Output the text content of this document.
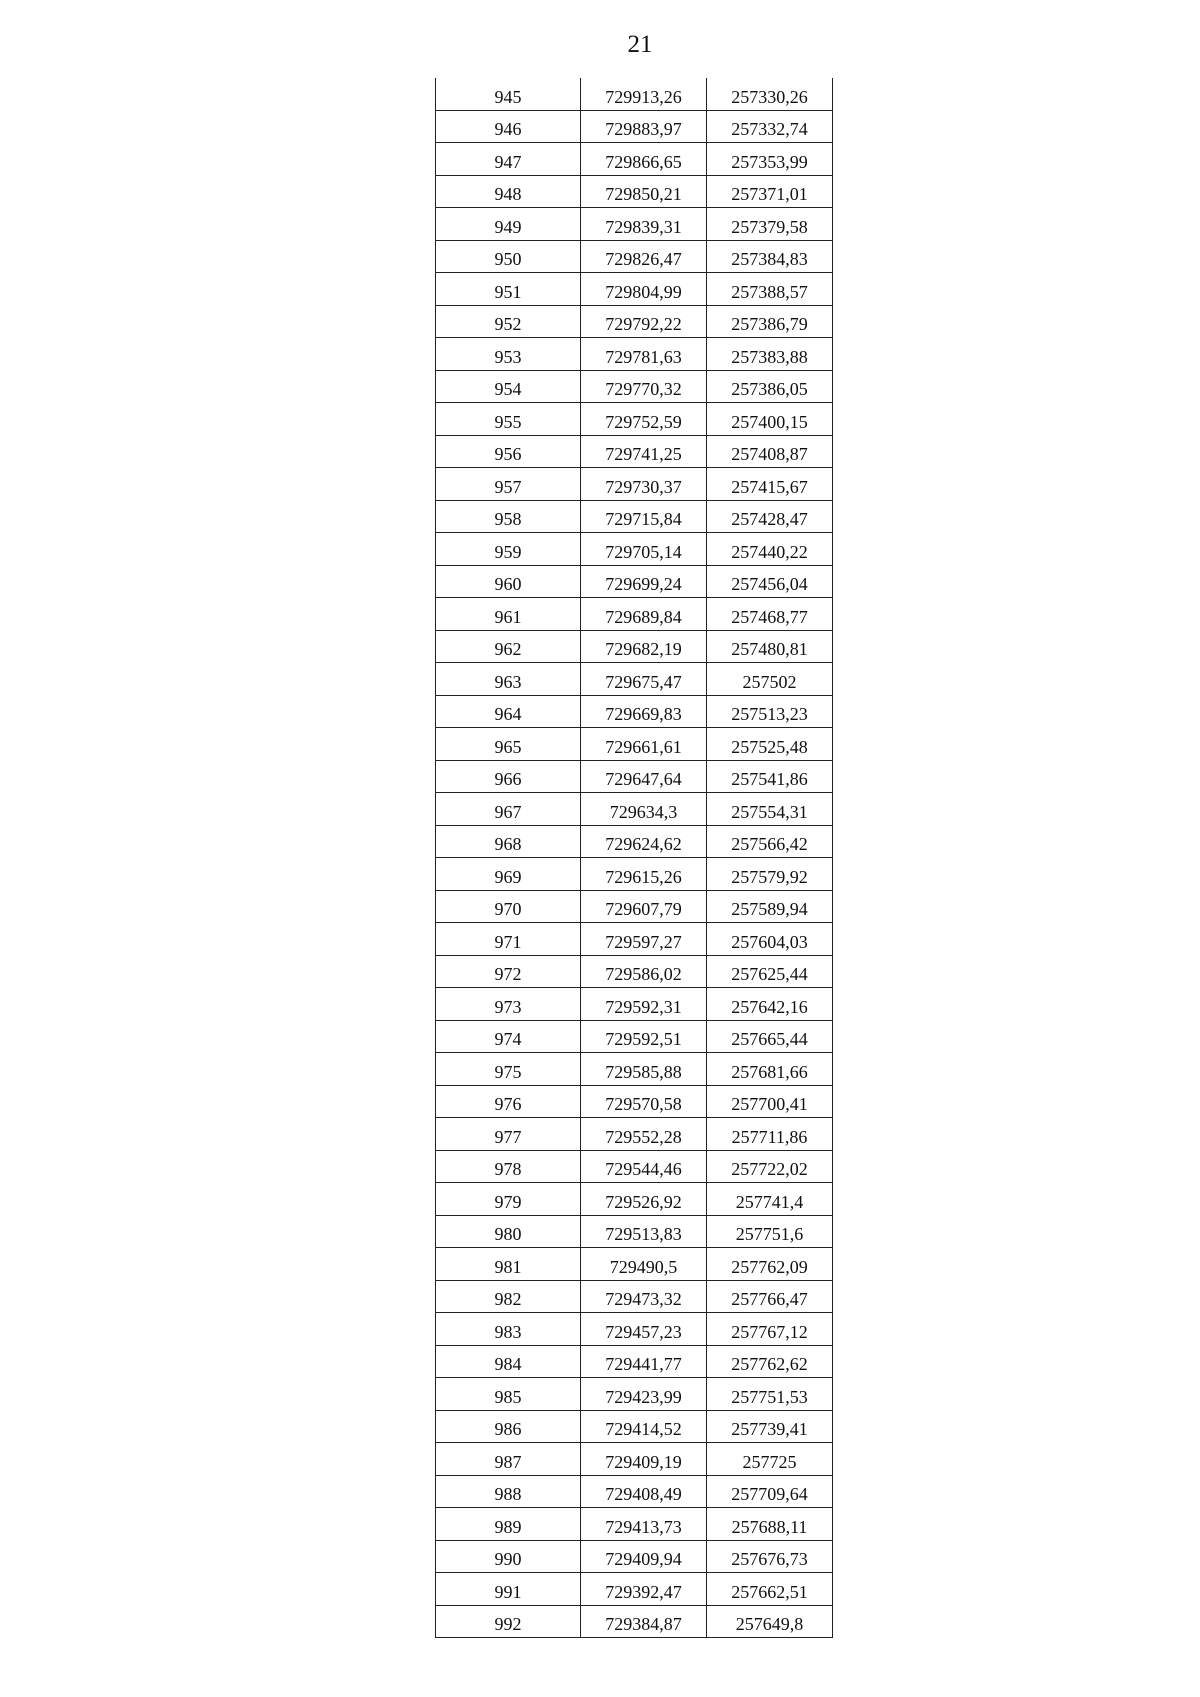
21
945	729913,26	257330,26
946	729883,97	257332,74
947	729866,65	257353,99
948	729850,21	257371,01
949	729839,31	257379,58
950	729826,47	257384,83
951	729804,99	257388,57
952	729792,22	257386,79
953	729781,63	257383,88
954	729770,32	257386,05
955	729752,59	257400,15
956	729741,25	257408,87
957	729730,37	257415,67
958	729715,84	257428,47
959	729705,14	257440,22
960	729699,24	257456,04
961	729689,84	257468,77
962	729682,19	257480,81
963	729675,47	257502
964	729669,83	257513,23
965	729661,61	257525,48
966	729647,64	257541,86
967	729634,3	257554,31
968	729624,62	257566,42
969	729615,26	257579,92
970	729607,79	257589,94
971	729597,27	257604,03
972	729586,02	257625,44
973	729592,31	257642,16
974	729592,51	257665,44
975	729585,88	257681,66
976	729570,58	257700,41
977	729552,28	257711,86
978	729544,46	257722,02
979	729526,92	257741,4
980	729513,83	257751,6
981	729490,5	257762,09
982	729473,32	257766,47
983	729457,23	257767,12
984	729441,77	257762,62
985	729423,99	257751,53
986	729414,52	257739,41
987	729409,19	257725
988	729408,49	257709,64
989	729413,73	257688,11
990	729409,94	257676,73
991	729392,47	257662,51
992	729384,87	257649,8
